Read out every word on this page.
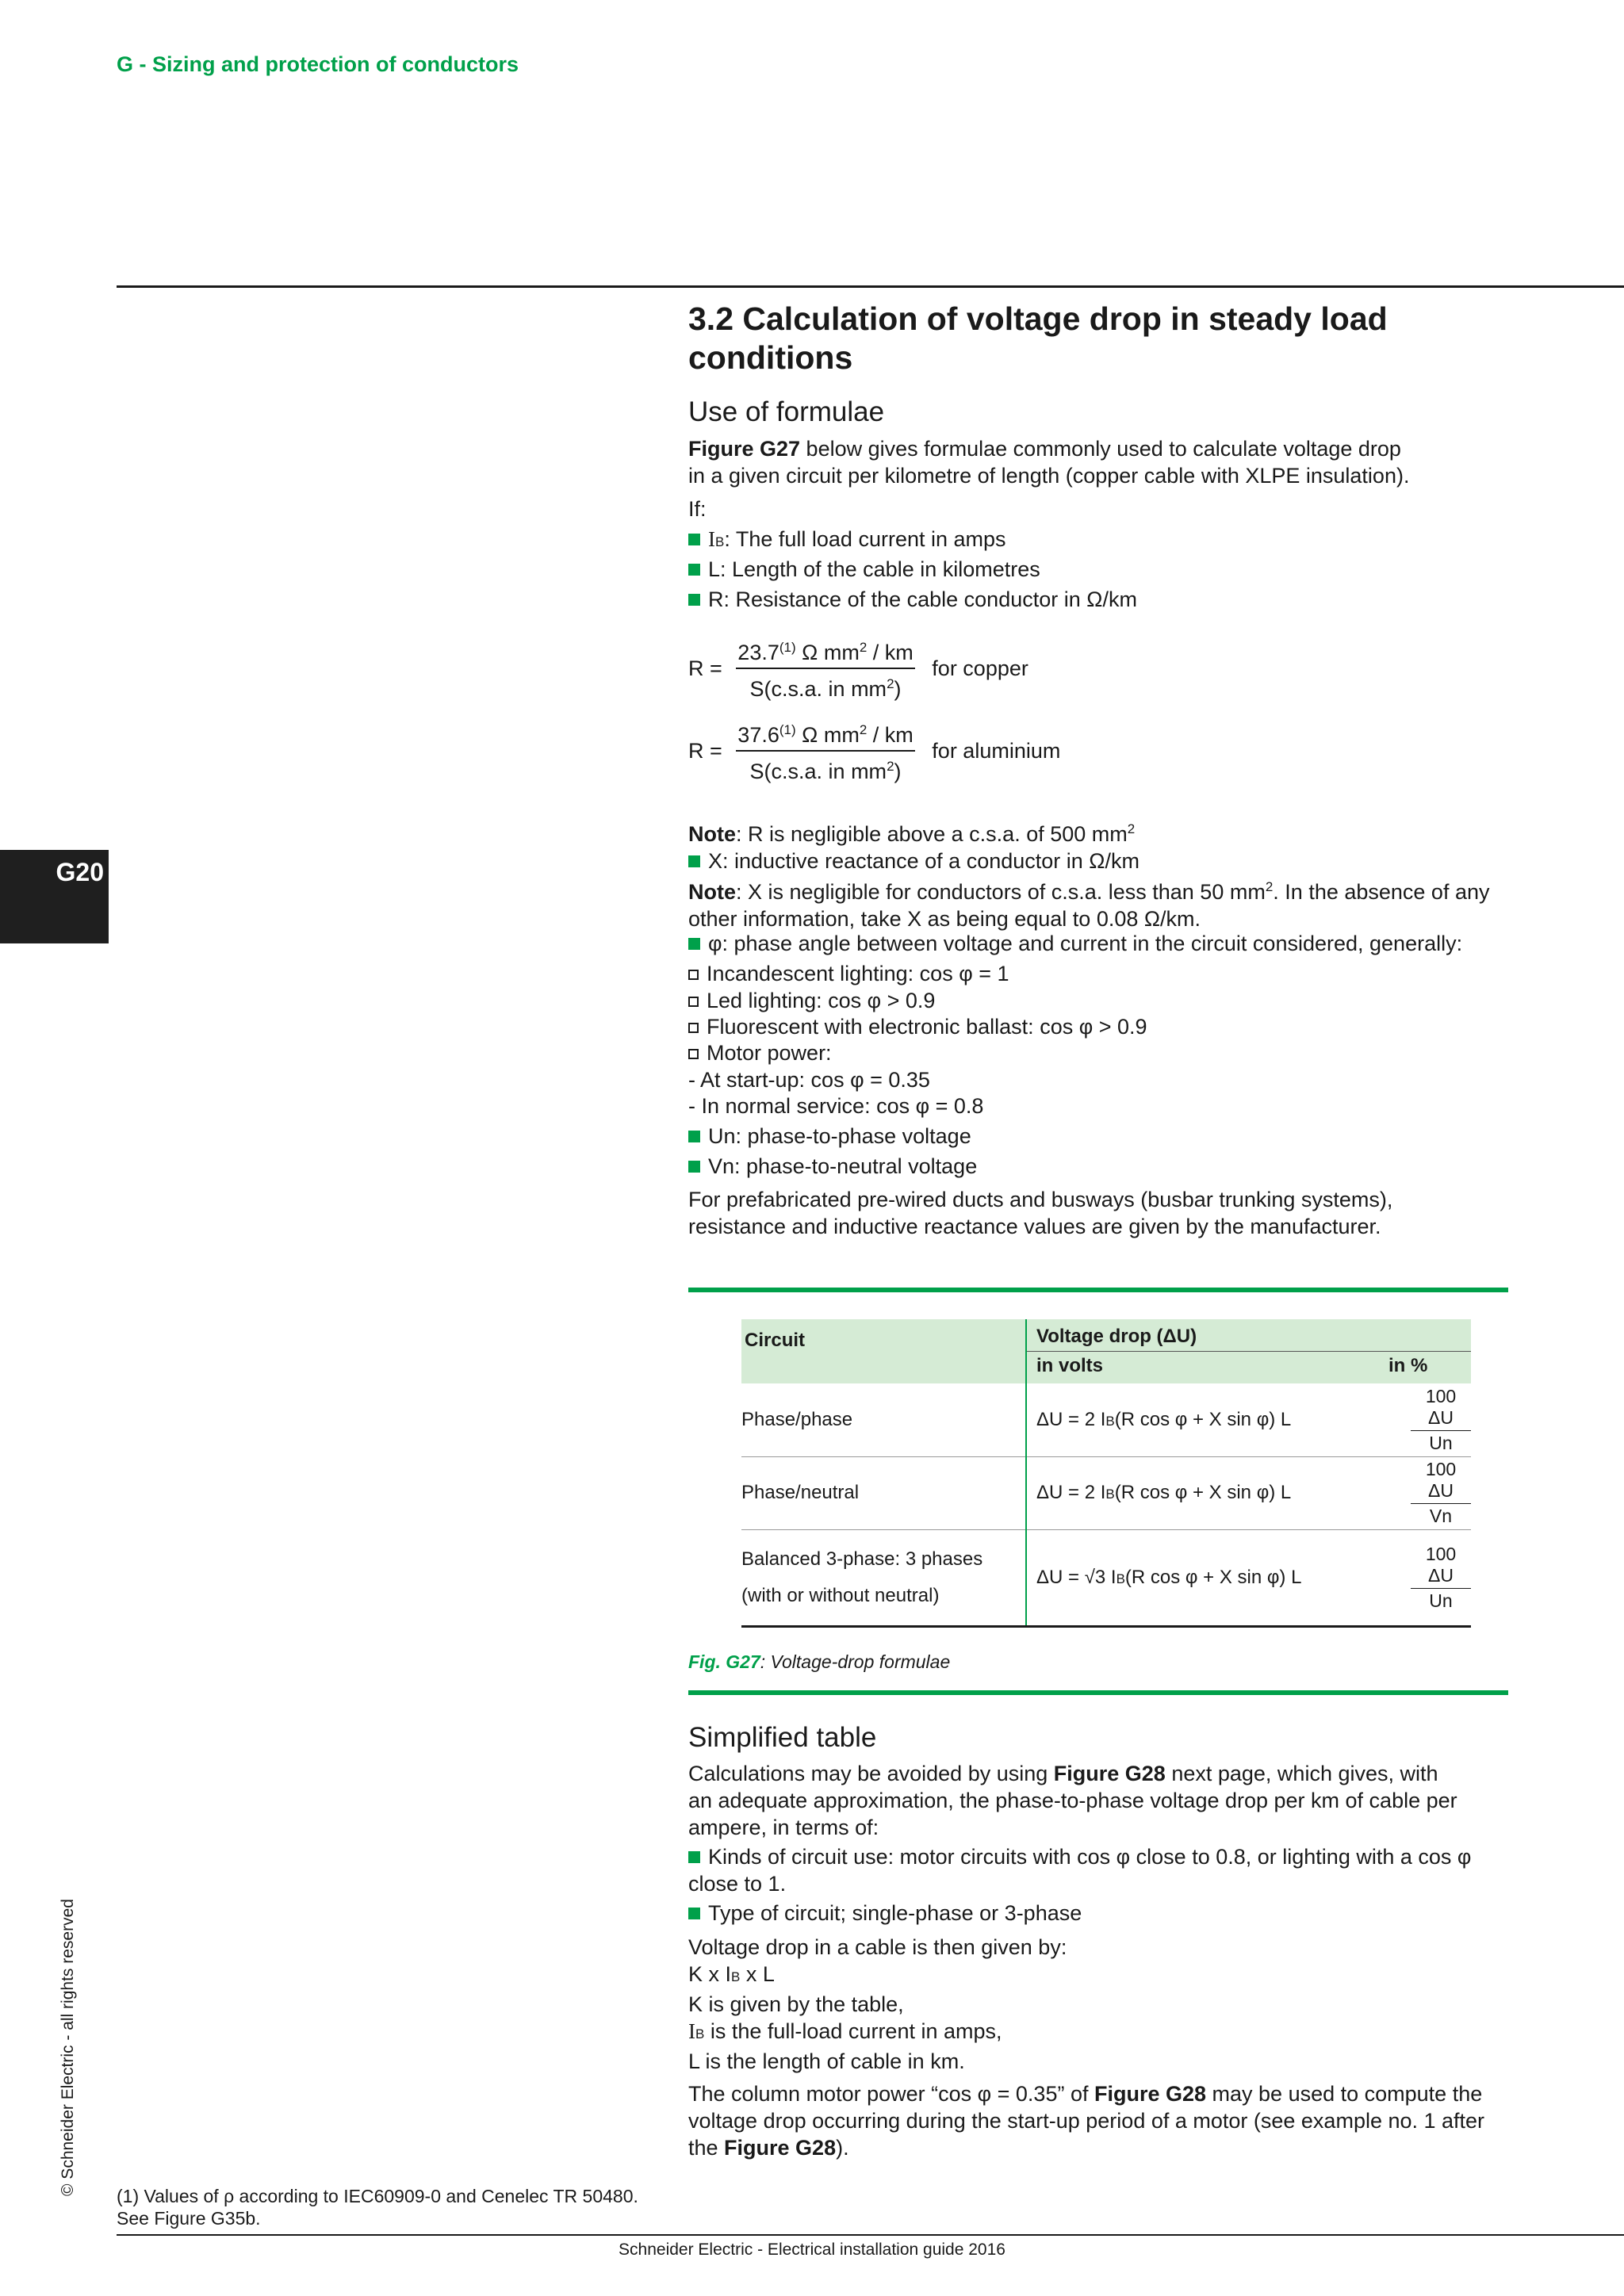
G - Sizing and protection of conductors
G20
© Schneider Electric - all rights reserved
3.2 Calculation of voltage drop in steady load
conditions
Use of formulae
Figure G27 below gives formulae commonly used to calculate voltage drop
in a given circuit per kilometre of length (copper cable with XLPE insulation).
If:
IB: The full load current in amps
L: Length of the cable in kilometres
R: Resistance of the cable conductor in Ω/km
$R = \frac{23.7^{(1)} \Omega mm^2 / km}{S(c.s.a. in mm^2)}$ for copper
$R = \frac{37.6^{(1)} \Omega mm^2 / km}{S(c.s.a. in mm^2)}$ for aluminium
Note: R is negligible above a c.s.a. of 500 $mm^2$
X: inductive reactance of a conductor in Ω/km
Note: X is negligible for conductors of c.s.a. less than 50 $mm^2$. In the absence of any
other information, take X as being equal to 0.08 Ω/km.
φ: phase angle between voltage and current in the circuit considered, generally:
Incandescent lighting: cos φ = 1
Led lighting: cos φ > 0.9
Fluorescent with electronic ballast: cos φ > 0.9
Motor power:
- At start-up: cos φ = 0.35
- In normal service: cos φ = 0.8
Un: phase-to-phase voltage
Vn: phase-to-neutral voltage
For prefabricated pre-wired ducts and busways (busbar trunking systems),
resistance and inductive reactance values are given by the manufacturer.
Circuit	Voltage drop (ΔU)	
	in volts	in %
Phase/phase	ΔU = 2 IB(R cos φ + X sin φ) L	$\frac{100 \Delta U}{Un}$

Phase/neutral	ΔU = 2 IB(R cos φ + X sin φ) L	$\frac{100 \Delta U}{Vn}$

Balanced 3-phase: 3 phases
(with or without neutral)	ΔU = √3 IB(R cos φ + X sin φ) L	$\frac{100 \Delta U}{Un}$
Fig. G27: Voltage-drop formulae
Simplified table
Calculations may be avoided by using Figure G28 next page, which gives, with
an adequate approximation, the phase-to-phase voltage drop per km of cable per
ampere, in terms of:
Kinds of circuit use: motor circuits with cos φ close to 0.8, or lighting with a cos φ
close to 1.
Type of circuit; single-phase or 3-phase
Voltage drop in a cable is then given by:
K x IB x L
K is given by the table,
IB is the full-load current in amps,
L is the length of cable in km.
The column motor power “cos φ = 0.35” of Figure G28 may be used to compute the
voltage drop occurring during the start-up period of a motor (see example no. 1 after
the Figure G28).
(1) Values of ρ according to IEC60909-0 and Cenelec TR 50480.
See Figure G35b.
Schneider Electric - Electrical installation guide 2016
